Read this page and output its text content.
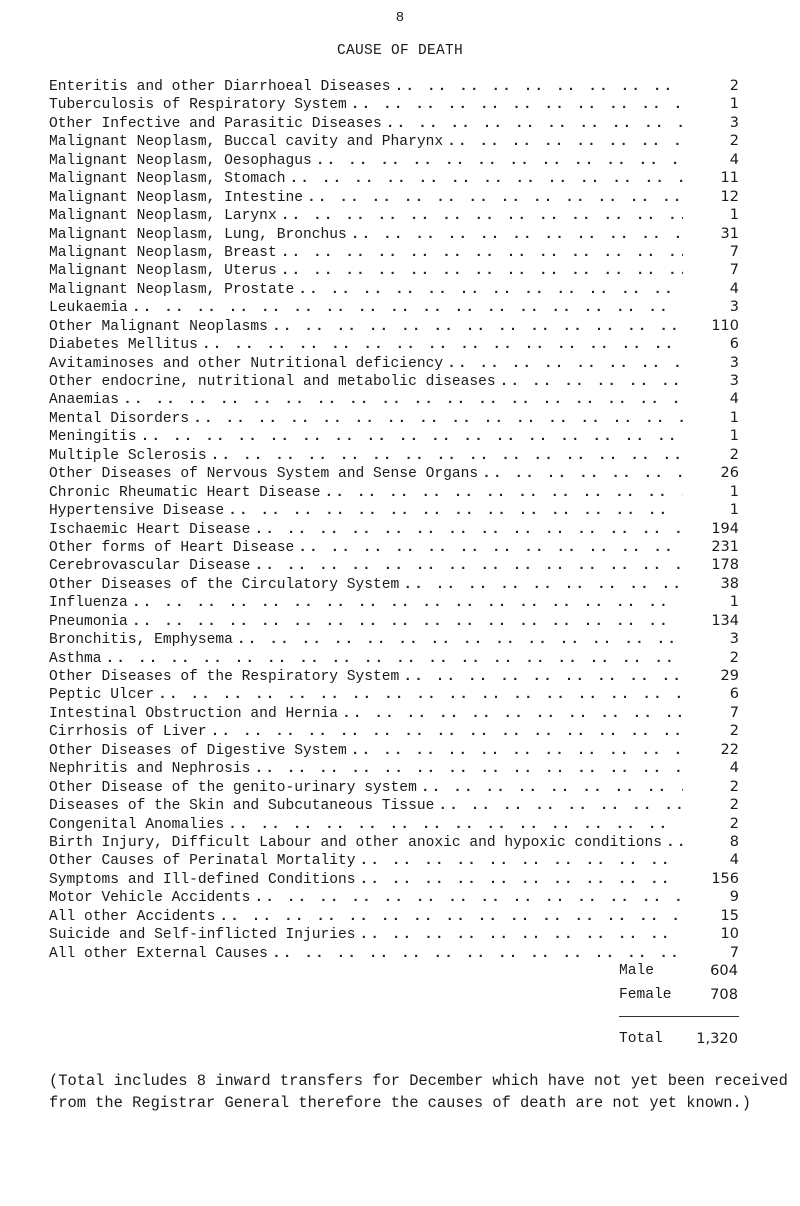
8
CAUSE OF DEATH
Enteritis and other Diarrhoeal Diseases .. ..	2
Tuberculosis of Respiratory System .. ..	1
Other Infective and Parasitic Diseases .. ..	3
Malignant Neoplasm, Buccal cavity and Pharynx .. ..	2
Malignant Neoplasm, Oesophagus .. ..	4
Malignant Neoplasm, Stomach .. ..	11
Malignant Neoplasm, Intestine .. ..	12
Malignant Neoplasm, Larynx .. ..	1
Malignant Neoplasm, Lung, Bronchus .. ..	31
Malignant Neoplasm, Breast .. ..	7
Malignant Neoplasm, Uterus .. ..	7
Malignant Neoplasm, Prostate .. ..	4
Leukaemia .. ..	3
Other Malignant Neoplasms .. ..	110
Diabetes Mellitus .. ..	6
Avitaminoses and other Nutritional deficiency .. ..	3
Other endocrine, nutritional and metabolic diseases .. ..	3
Anaemias .. ..	4
Mental Disorders .. ..	1
Meningitis .. ..	1
Multiple Sclerosis .. ..	2
Other Diseases of Nervous System and Sense Organs .. ..	26
Chronic Rheumatic Heart Disease .. ..	1
Hypertensive Disease .. ..	1
Ischaemic Heart Disease .. ..	194
Other forms of Heart Disease .. ..	231
Cerebrovascular Disease .. ..	178
Other Diseases of the Circulatory System .. ..	38
Influenza .. ..	1
Pneumonia .. ..	134
Bronchitis, Emphysema .. ..	3
Asthma .. ..	2
Other Diseases of the Respiratory System .. ..	29
Peptic Ulcer .. ..	6
Intestinal Obstruction and Hernia .. ..	7
Cirrhosis of Liver .. ..	2
Other Diseases of Digestive System .. ..	22
Nephritis and Nephrosis .. ..	4
Other Disease of the genito-urinary system .. ..	2
Diseases of the Skin and Subcutaneous Tissue .. ..	2
Congenital Anomalies .. ..	2
Birth Injury, Difficult Labour and other anoxic and hypoxic conditions .. ..	8
Other Causes of Perinatal Mortality .. ..	4
Symptoms and Ill-defined Conditions .. ..	156
Motor Vehicle Accidents .. ..	9
All other Accidents .. ..	15
Suicide and Self-inflicted Injuries .. ..	10
All other External Causes .. ..	7
Male	604
Female	708
Total	1,320
(Total includes 8 inward transfers for December which have not yet been received from the Registrar General therefore the causes of death are not yet known.)
